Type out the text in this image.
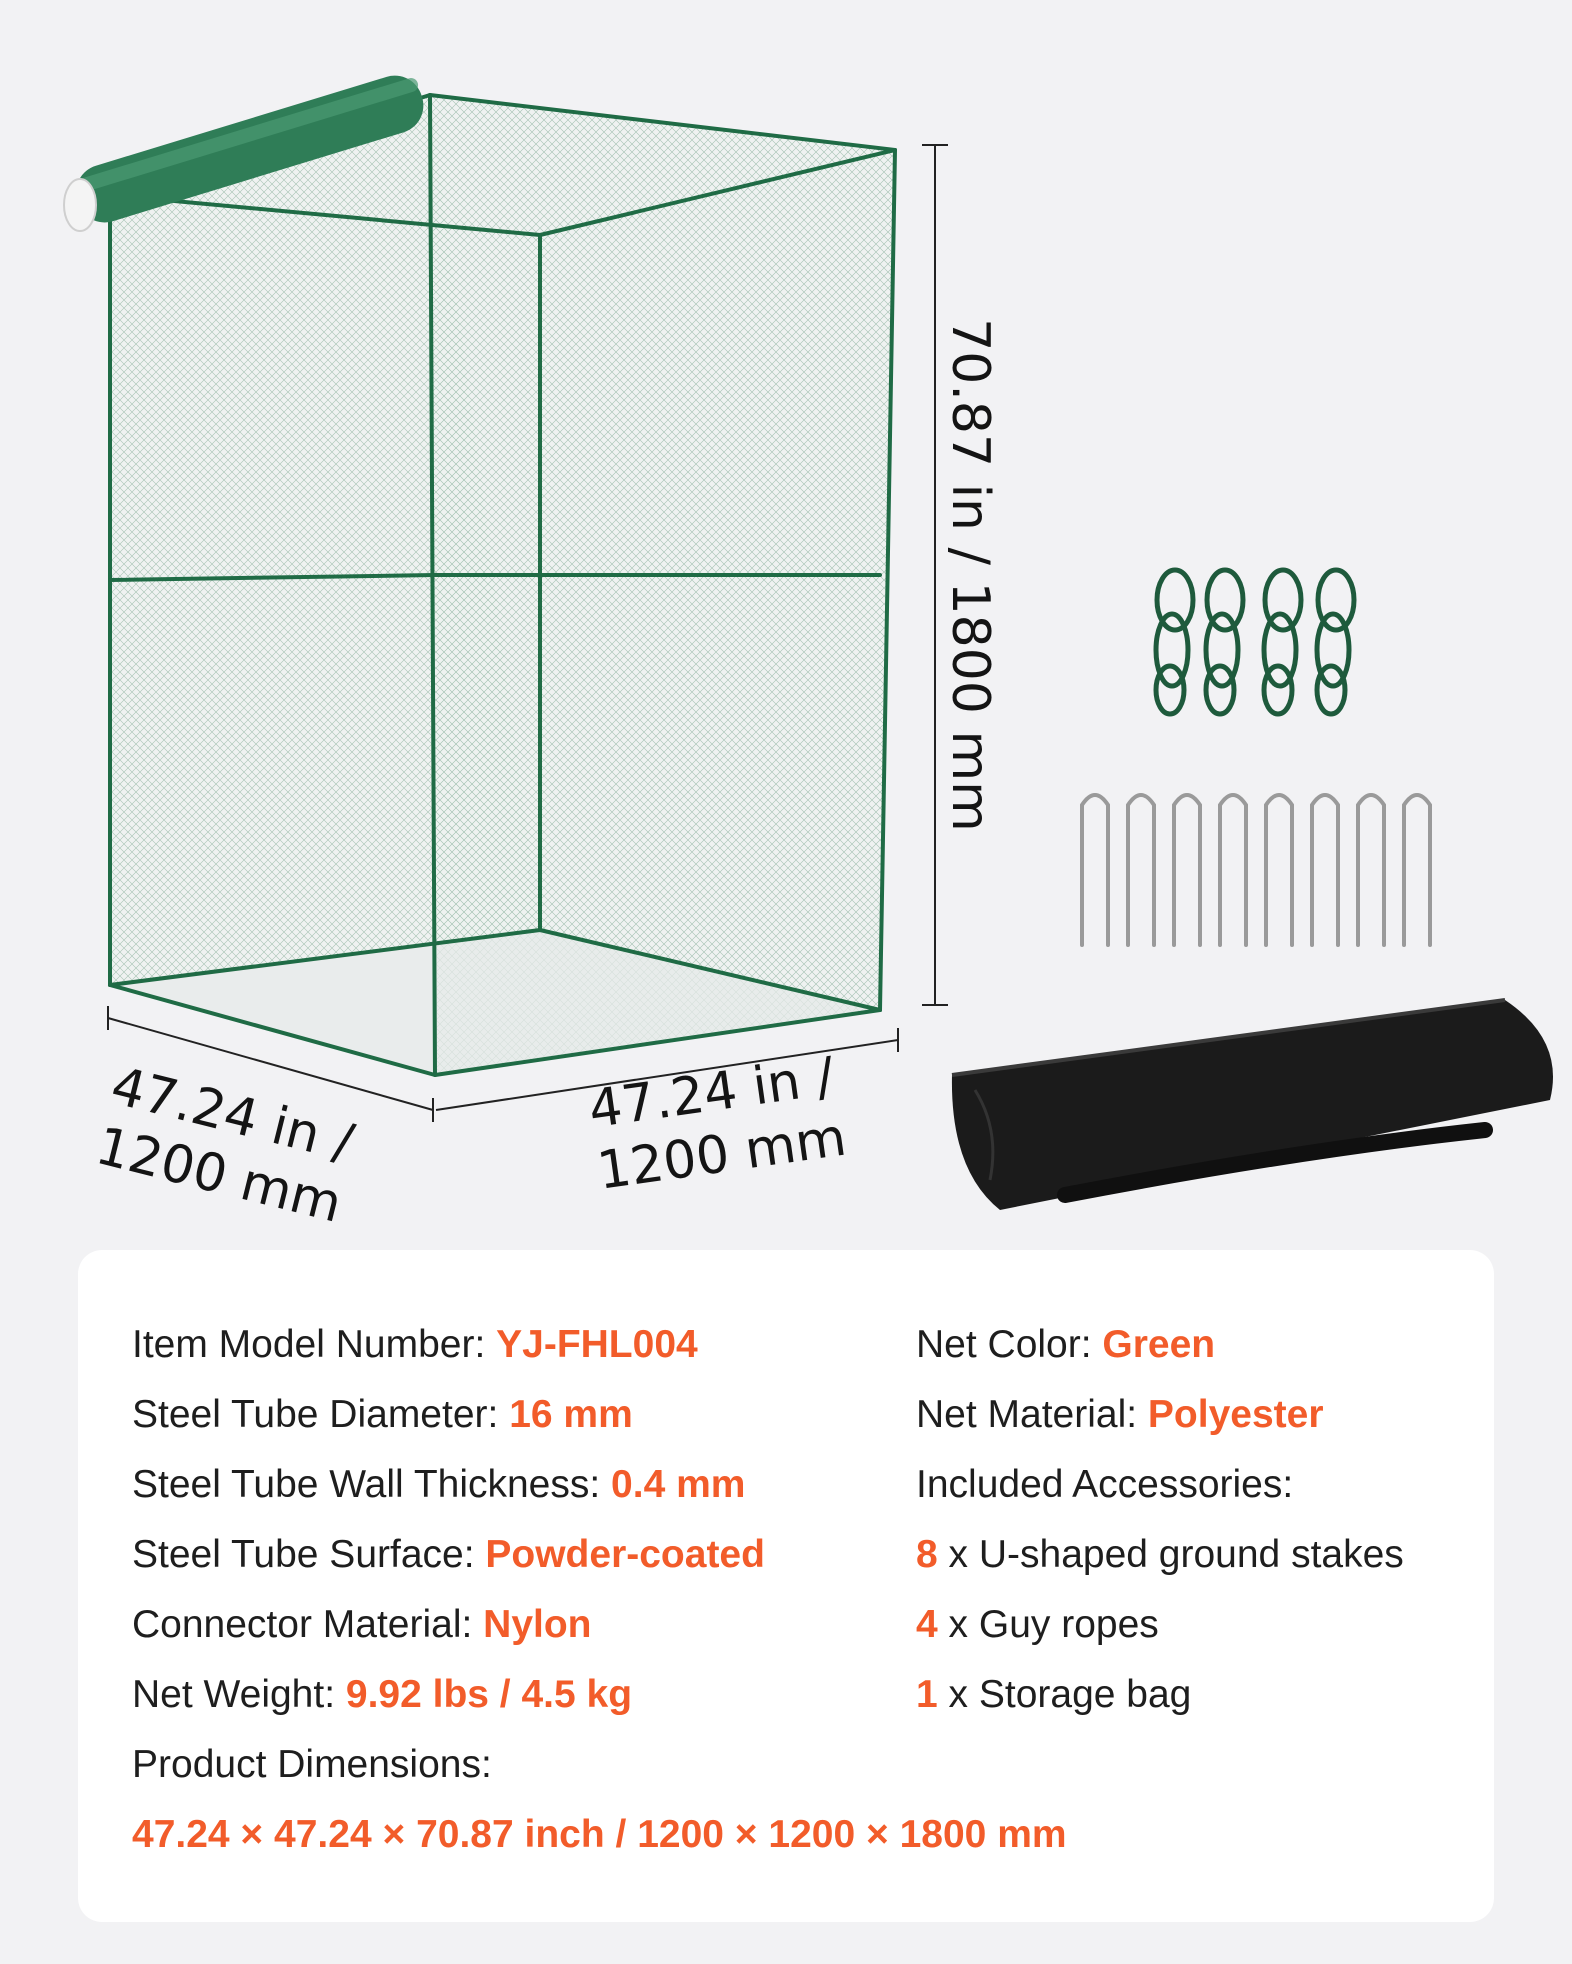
70.87 in / 1800 mm
47.24 in /
1200 mm
47.24 in /
1200 mm
Item Model Number: YJ-FHL004
Steel Tube Diameter: 16 mm
Steel Tube Wall Thickness: 0.4 mm
Steel Tube Surface: Powder-coated
Connector Material: Nylon
Net Weight: 9.92 lbs / 4.5 kg
Product Dimensions:
47.24 × 47.24 × 70.87 inch / 1200 × 1200 × 1800 mm
Net Color: Green
Net Material: Polyester
Included Accessories:
8 x U-shaped ground stakes
4 x Guy ropes
1 x Storage bag
